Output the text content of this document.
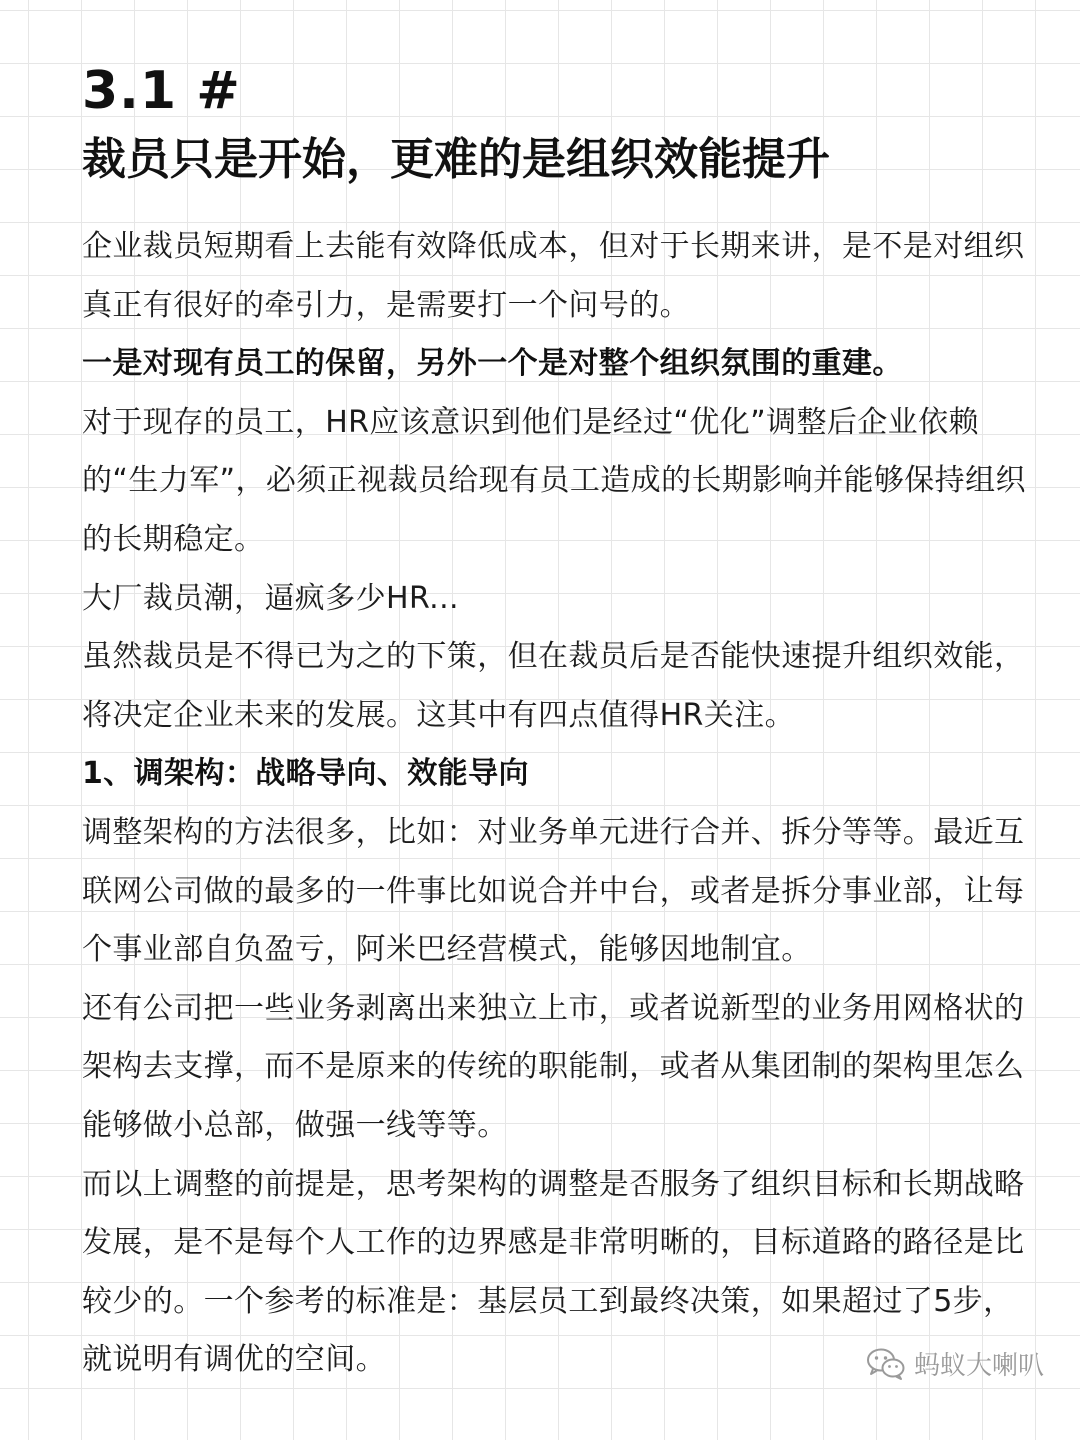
3.1 #
裁员只是开始，更难的是组织效能提升

企业裁员短期看上去能有效降低成本，但对于长期来讲，是不是对组织真正有很好的牵引力，是需要打一个问号的。

一是对现有员工的保留，另外一个是对整个组织氛围的重建。

对于现存的员工，HR应该意识到他们是经过“优化”调整后企业依赖的“生力军”，必须正视裁员给现有员工造成的长期影响并能够保持组织的长期稳定。

大厂裁员潮，逼疯多少HR...

虽然裁员是不得已为之的下策，但在裁员后是否能快速提升组织效能，将决定企业未来的发展。这其中有四点值得HR关注。

1、调架构：战略导向、效能导向

调整架构的方法很多，比如：对业务单元进行合并、拆分等等。最近互联网公司做的最多的一件事比如说合并中台，或者是拆分事业部，让每个事业部自负盈亏，阿米巴经营模式，能够因地制宜。

还有公司把一些业务剥离出来独立上市，或者说新型的业务用网格状的架构去支撑，而不是原来的传统的职能制，或者从集团制的架构里怎么能够做小总部，做强一线等等。

而以上调整的前提是，思考架构的调整是否服务了组织目标和长期战略发展，是不是每个人工作的边界感是非常明晰的，目标道路的路径是比较少的。一个参考的标准是：基层员工到最终决策，如果超过了5步，就说明有调优的空间。	蚂蚁大喇叭
